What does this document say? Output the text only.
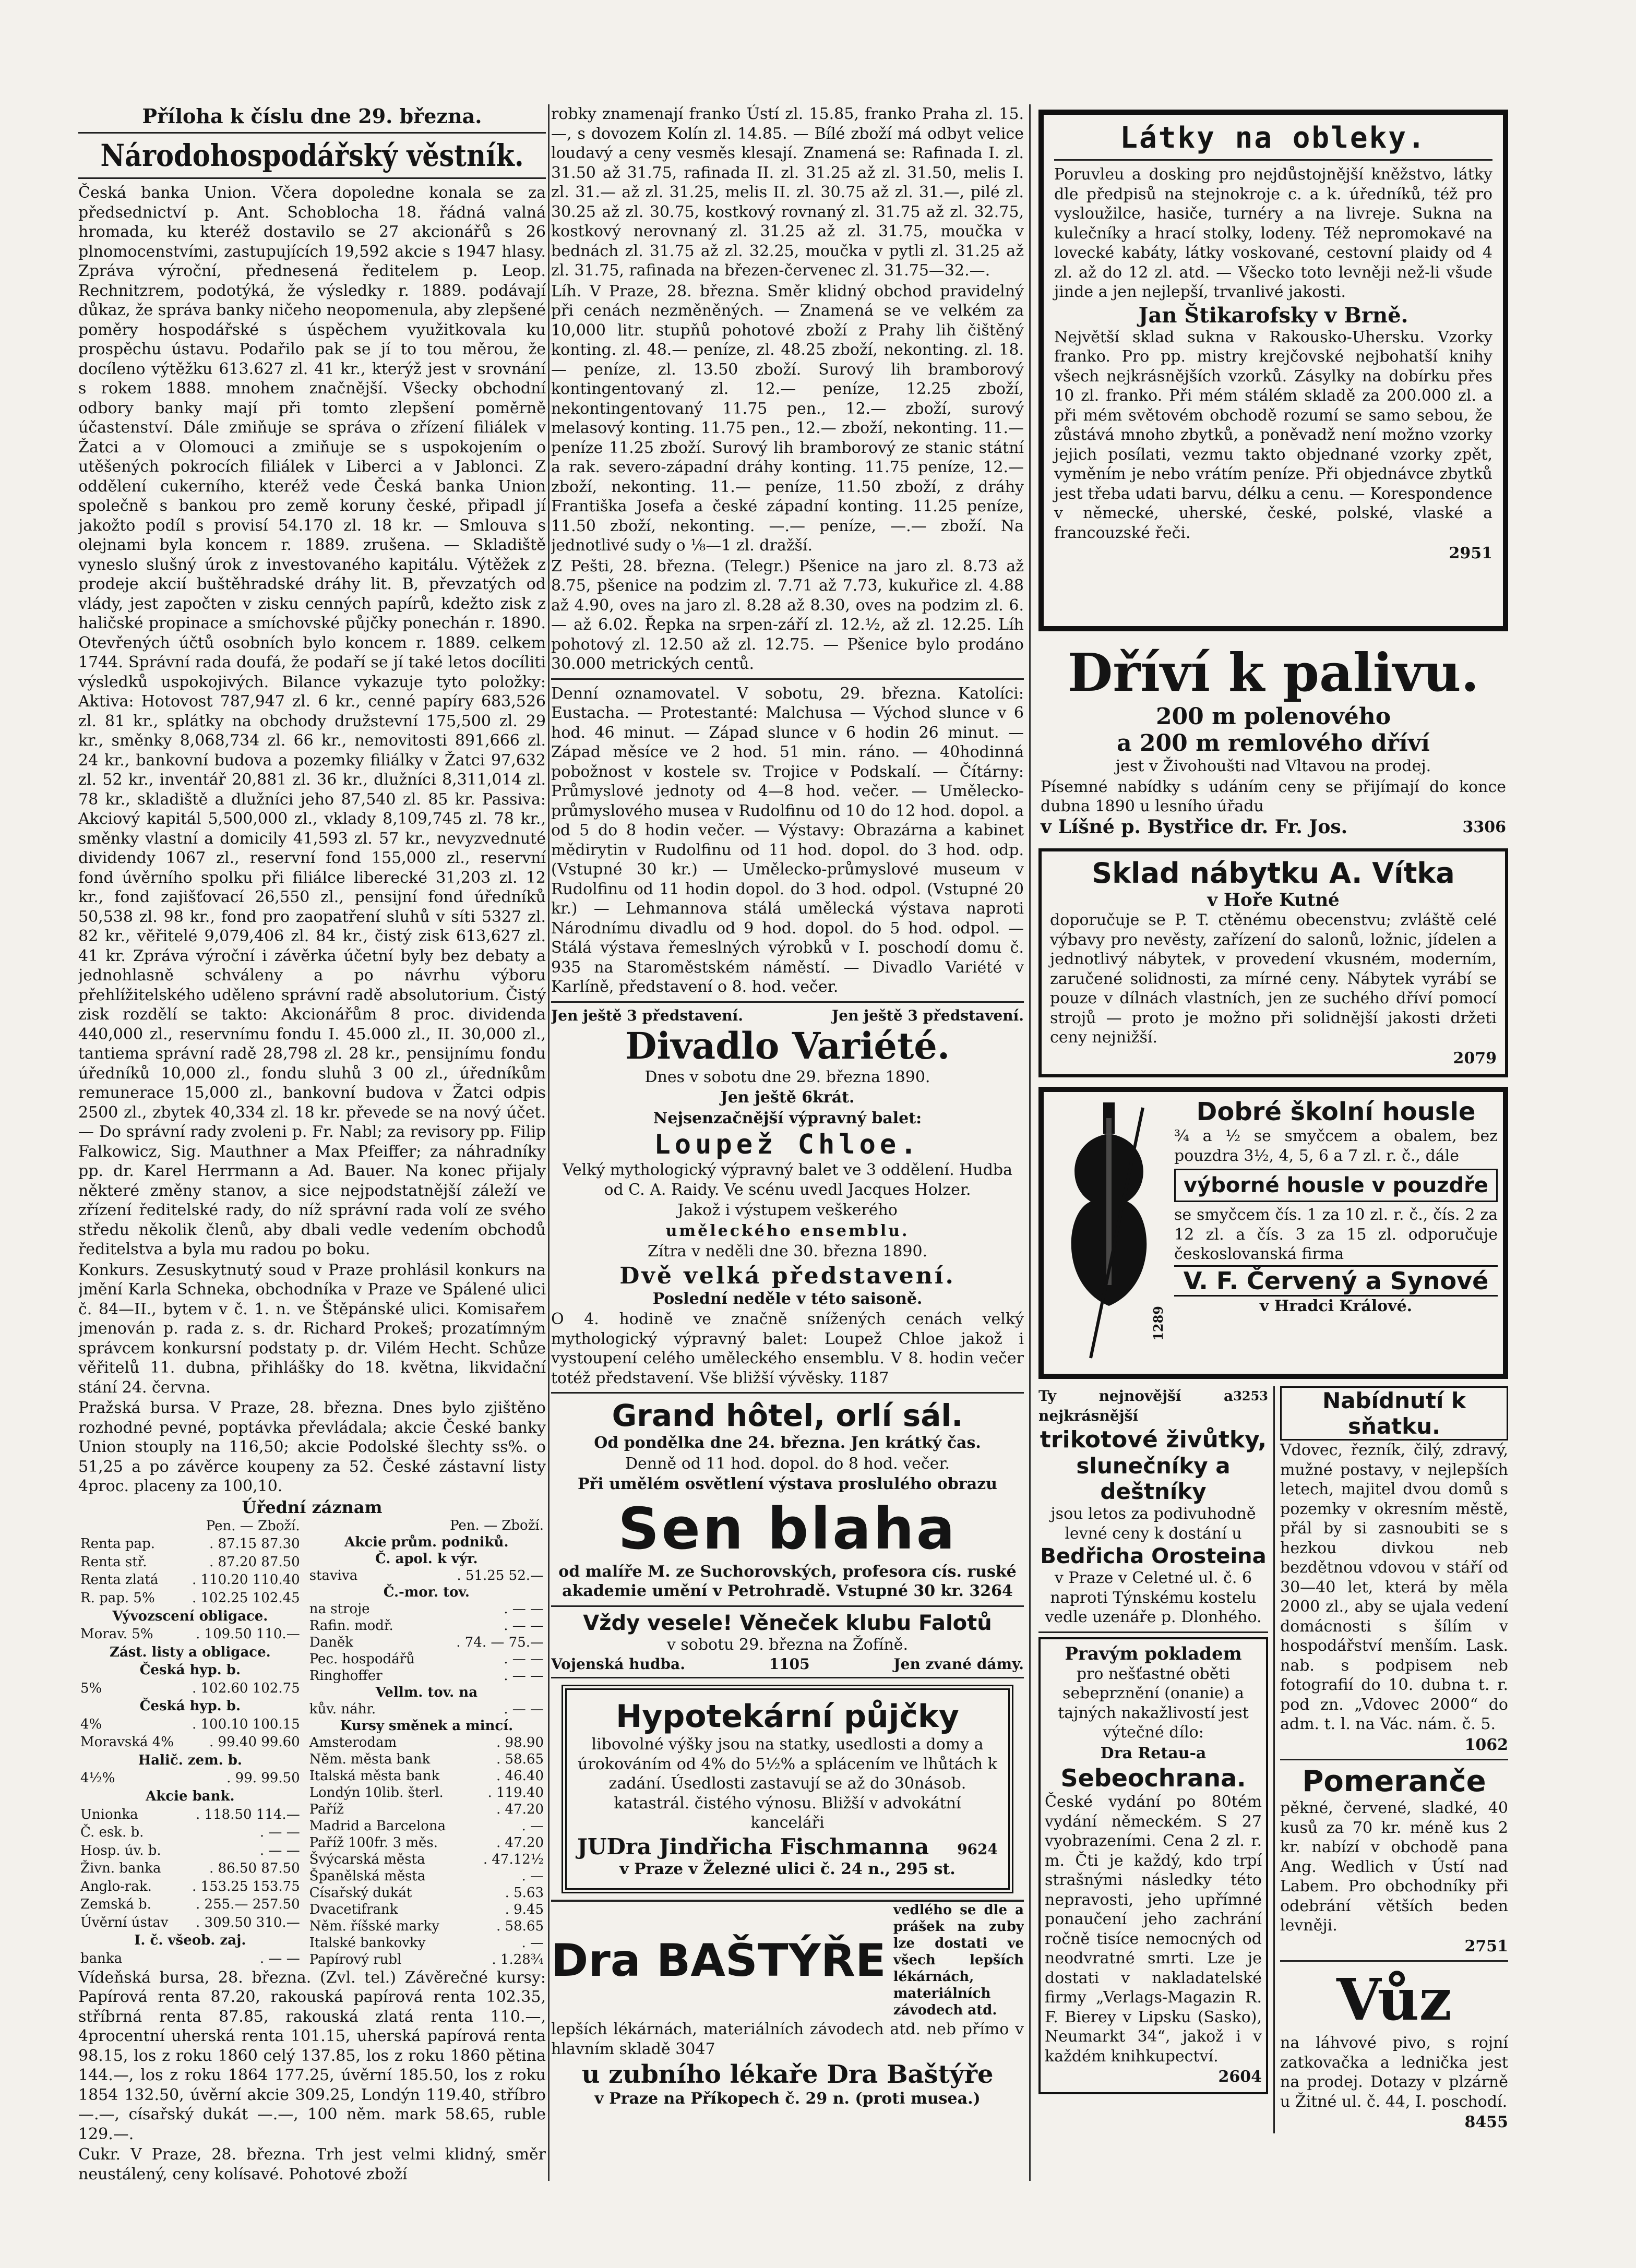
Příloha k číslu dne 29. března.
Národohospodářský věstník.

Česká banka Union. Včera dopoledne konala se za předsednictví p. Ant. Schoblocha 18. řádná valná hromada, ku kteréž dostavilo se 27 akcionářů s 26 plnomocenstvími, zastupujících 19,592 akcie s 1947 hlasy. Zpráva výroční, přednesená ředitelem p. Leop. Rechnitzrem, podotýká, že výsledky r. 1889. podávají důkaz, že správa banky ničeho neopomenula, aby zlepšené poměry hospodářské s úspěchem využitkovala ku prospěchu ústavu. Podařilo pak se jí to tou měrou, že docíleno výtěžku 613.627 zl. 41 kr., kterýž jest v srovnání s rokem 1888. mnohem značnější. Všecky obchodní odbory banky mají při tomto zlepšení poměrně účastenství. Dále zmiňuje se správa o zřízení filiálek v Žatci a v Olomouci a zmiňuje se s uspokojením o utěšených pokrocích filiálek v Liberci a v Jablonci. Z oddělení cukerního, kteréž vede Česká banka Union společně s bankou pro země koruny české, připadl jí jakožto podíl s provisí 54.170 zl. 18 kr. — Smlouva s olejnami byla koncem r. 1889. zrušena. — Skladiště vyneslo slušný úrok z investovaného kapitálu. Výtěžek z prodeje akcií buštěhradské dráhy lit. B, převzatých od vlády, jest započten v zisku cenných papírů, kdežto zisk z haličské propinace a smíchovské půjčky ponechán r. 1890. Otevřených účtů osobních bylo koncem r. 1889. celkem 1744. Správní rada doufá, že podaří se jí také letos docíliti výsledků uspokojivých. Bilance vykazuje tyto položky: Aktiva: Hotovost 787,947 zl. 6 kr., cenné papíry 683,526 zl. 81 kr., splátky na obchody družstevní 175,500 zl. 29 kr., směnky 8,068,734 zl. 66 kr., nemovitosti 891,666 zl. 24 kr., bankovní budova a pozemky filiálky v Žatci 97,632 zl. 52 kr., inventář 20,881 zl. 36 kr., dlužníci 8,311,014 zl. 78 kr., skladiště a dlužníci jeho 87,540 zl. 85 kr. Passiva: Akciový kapitál 5,500,000 zl., vklady 8,109,745 zl. 78 kr., směnky vlastní a domicily 41,593 zl. 57 kr., nevyzvednuté dividendy 1067 zl., reservní fond 155,000 zl., reservní fond úvěrního spolku při filiálce liberecké 31,203 zl. 12 kr., fond zajišťovací 26,550 zl., pensijní fond úředníků 50,538 zl. 98 kr., fond pro zaopatření sluhů v síti 5327 zl. 82 kr., věřitelé 9,079,406 zl. 84 kr., čistý zisk 613,627 zl. 41 kr. Zpráva výroční i závěrka účetní byly bez debaty a jednohlasně schváleny a po návrhu výboru přehlížitelského uděleno správní radě absolutorium. Čistý zisk rozdělí se takto: Akcionářům 8 proc. dividenda 440,000 zl., reservnímu fondu I. 45.000 zl., II. 30,000 zl., tantiema správní radě 28,798 zl. 28 kr., pensijnímu fondu úředníků 10,000 zl., fondu sluhů 3 00 zl., úředníkům remunerace 15,000 zl., bankovní budova v Žatci odpis 2500 zl., zbytek 40,334 zl. 18 kr. převede se na nový účet. — Do správní rady zvoleni p. Fr. Nabl; za revisory pp. Filip Falkowicz, Sig. Mauthner a Max Pfeiffer; za náhradníky pp. dr. Karel Herrmann a Ad. Bauer. Na konec přijaly některé změny stanov, a sice nejpodstatnější záleží ve zřízení ředitelské rady, do níž správní rada volí ze svého středu několik členů, aby dbali vedle vedením obchodů ředitelstva a byla mu radou po boku.

Konkurs. Zesuskytnutý soud v Praze prohlásil konkurs na jmění Karla Schneka, obchodníka v Praze ve Spálené ulici č. 84—II., bytem v č. 1. n. ve Štěpánské ulici. Komisařem jmenován p. rada z. s. dr. Richard Prokeš; prozatímným správcem konkursní podstaty p. dr. Vilém Hecht. Schůze věřitelů 11. dubna, přihlášky do 18. května, likvidační stání 24. června.

Pražská bursa. V Praze, 28. března. Dnes bylo zjištěno rozhodné pevné, poptávka převládala; akcie České banky Union stouply na 116,50; akcie Podolské šlechty ss%. o 51,25 a po závěrce koupeny za 52. České zástavní listy 4proc. placeny za 100,10.

Úřední záznam
	Pen. — Zboží.
Renta pap.	. 87.15 87.30
Renta stř.	. 87.20 87.50
Renta zlatá	. 110.20 110.40
R. pap. 5%	. 102.25 102.45
Vývozscení obligace.	
Morav. 5%	. 109.50 110.—
Zást. listy a obligace.	
Česká hyp. b.	
5%	. 102.60 102.75
Česká hyp. b.	
4%	. 100.10 100.15
Moravská 4%	. 99.40 99.60
Halič. zem. b.	
4½%	. 99. 99.50
Akcie bank.	
Unionka	. 118.50 114.—
Č. esk. b.	. — —
Hosp. úv. b.	. — —
Živn. banka	. 86.50 87.50
Anglo-rak.	. 153.25 153.75
Zemská b.	. 255.— 257.50
Úvěrní ústav	. 309.50 310.—
I. č. všeob. zaj.	
banka	. — —
	Pen. — Zboží.
Akcie prům. podniků.	
Č. apol. k výr.	
staviva	. 51.25 52.—
Č.-mor. tov.	
na stroje	. — —
Rafin. modř.	. — —
Daněk	. 74. — 75.—
Pec. hospodářů	. — —
Ringhoffer	. — —
Vellm. tov. na	
kův. náhr.	. — —
Kursy směnek a mincí.	
Amsterodam	. 98.90
Něm. města bank	. 58.65
Italská města bank	. 46.40
Londýn 10lib. šterl.	. 119.40
Paříž	. 47.20
Madrid a Barcelona	. —
Paříž 100fr. 3 měs.	. 47.20
Švýcarská města	. 47.12½
Španělská města	. —
Císařský dukát	. 5.63
Dvacetifrank	. 9.45
Něm. říšské marky	. 58.65
Italské bankovky	. —
Papírový rubl	. 1.28¾

Vídeňská bursa, 28. března. (Zvl. tel.) Závěrečné kursy: Papírová renta 87.20, rakouská papírová renta 102.35, stříbrná renta 87.85, rakouská zlatá renta 110.—, 4procentní uherská renta 101.15, uherská papírová renta 98.15, los z roku 1860 celý 137.85, los z roku 1860 pětina 144.—, los z roku 1864 177.25, úvěrní 185.50, los z roku 1854 132.50, úvěrní akcie 309.25, Londýn 119.40, stříbro —.—, císařský dukát —.—, 100 něm. mark 58.65, ruble 129.—.

Cukr. V Praze, 28. března. Trh jest velmi klidný, směr neustálený, ceny kolísavé. Pohotové zboží

robky znamenají franko Ústí zl. 15.85, franko Praha zl. 15.—, s dovozem Kolín zl. 14.85. — Bílé zboží má odbyt velice loudavý a ceny vesměs klesají. Znamená se: Rafinada I. zl. 31.50 až 31.75, rafinada II. zl. 31.25 až zl. 31.50, melis I. zl. 31.— až zl. 31.25, melis II. zl. 30.75 až zl. 31.—, pilé zl. 30.25 až zl. 30.75, kostkový rovnaný zl. 31.75 až zl. 32.75, kostkový nerovnaný zl. 31.25 až zl. 31.75, moučka v bednách zl. 31.75 až zl. 32.25, moučka v pytli zl. 31.25 až zl. 31.75, rafinada na březen-červenec zl. 31.75—32.—.

Líh. V Praze, 28. března. Směr klidný obchod pravidelný při cenách nezměněných. — Znamená se ve velkém za 10,000 litr. stupňů pohotové zboží z Prahy lih čištěný konting. zl. 48.— peníze, zl. 48.25 zboží, nekonting. zl. 18.— peníze, zl. 13.50 zboží. Surový lih bramborový kontingentovaný zl. 12.— peníze, 12.25 zboží, nekontingentovaný 11.75 pen., 12.— zboží, surový melasový konting. 11.75 pen., 12.— zboží, nekonting. 11.— peníze 11.25 zboží. Surový lih bramborový ze stanic státní a rak. severo-západní dráhy konting. 11.75 peníze, 12.— zboží, nekonting. 11.— peníze, 11.50 zboží, z dráhy Františka Josefa a české západní konting. 11.25 peníze, 11.50 zboží, nekonting. —.— peníze, —.— zboží. Na jednotlivé sudy o ⅛—1 zl. dražší.

Z Pešti, 28. března. (Telegr.) Pšenice na jaro zl. 8.73 až 8.75, pšenice na podzim zl. 7.71 až 7.73, kukuřice zl. 4.88 až 4.90, oves na jaro zl. 8.28 až 8.30, oves na podzim zl. 6.— až 6.02. Řepka na srpen-září zl. 12.½, až zl. 12.25. Líh pohotový zl. 12.50 až zl. 12.75. — Pšenice bylo prodáno 30.000 metrických centů.

Denní oznamovatel. V sobotu, 29. března. Katolíci: Eustacha. — Protestanté: Malchusa — Východ slunce v 6 hod. 46 minut. — Západ slunce v 6 hodin 26 minut. — Západ měsíce ve 2 hod. 51 min. ráno. — 40hodinná pobožnost v kostele sv. Trojice v Podskalí. — Čítárny: Průmyslové jednoty od 4—8 hod. večer. — Umělecko-průmyslového musea v Rudolfinu od 10 do 12 hod. dopol. a od 5 do 8 hodin večer. — Výstavy: Obrazárna a kabinet mědirytin v Rudolfinu od 11 hod. dopol. do 3 hod. odp. (Vstupné 30 kr.) — Umělecko-průmyslové museum v Rudolfinu od 11 hodin dopol. do 3 hod. odpol. (Vstupné 20 kr.) — Lehmannova stálá umělecká výstava naproti Národnímu divadlu od 9 hod. dopol. do 5 hod. odpol. — Stálá výstava řemeslných výrobků v I. poschodí domu č. 935 na Staroměstském náměstí. — Divadlo Variété v Karlíně, představení o 8. hod. večer.

Jen ještě 3 představení.	Jen ještě 3 představení.
Divadlo Variété.
Dnes v sobotu dne 29. března 1890.
Jen ještě 6krát.
Nejsenzačnější výpravný balet:
Loupež Chloe.
Velký mythologický výpravný balet ve 3 oddělení. Hudba od C. A. Raidy. Ve scénu uvedl Jacques Holzer.
Jakož i výstupem veškerého
uměleckého ensemblu.
Zítra v neděli dne 30. března 1890.
Dvě velká představení.
Poslední neděle v této saisoně.
O 4. hodině ve značně snížených cenách velký mythologický výpravný balet: Loupež Chloe jakož i vystoupení celého uměleckého ensemblu. V 8. hodin večer totéž představení. Vše bližší vývěsky. 1187
Grand hôtel, orlí sál.
Od pondělka dne 24. března. Jen krátký čas.
Denně od 11 hod. dopol. do 8 hod. večer.
Při umělém osvětlení výstava proslulého obrazu
Sen blaha
od malíře M. ze Suchorovských, profesora cís. ruské akademie umění v Petrohradě. Vstupné 30 kr. 3264
Vždy vesele! Věneček klubu Falotů
v sobotu 29. března na Žofíně.
Vojenská hudba.	1105	Jen zvané dámy.
Hypotekární půjčky
libovolné výšky jsou na statky, usedlosti a domy a úrokováním od 4% do 5½% a splácením ve lhůtách k zadání. Úsedlosti zastavují se až do 30násob. katastrál. čistého výnosu. Bližší v advokátní kanceláři
JUDra Jindřicha Fischmanna 9624
v Praze v Železné ulici č. 24 n., 295 st.
Dra BAŠTÝŘE
vedlého se dle a prášek na zuby lze dostati ve všech lepších lékárnách, materiálních závodech atd.
lepších lékárnách, materiálních závodech atd. neb přímo v hlavním skladě 3047
u zubního lékaře Dra Baštýře
v Praze na Příkopech č. 29 n. (proti musea.)
Látky na obleky.

Poruvleu a dosking pro nejdůstojnější kněžstvo, látky dle předpisů na stejnokroje c. a k. úředníků, též pro vysloužilce, hasiče, turnéry a na livreje. Sukna na kulečníky a hrací stolky, lodeny. Též nepromokavé na lovecké kabáty, látky voskované, cestovní plaidy od 4 zl. až do 12 zl. atd. — Všecko toto levněji než-li všude jinde a jen nejlepší, trvanlivé jakosti.

Jan Štikarofsky v Brně.

Největší sklad sukna v Rakousko-Uhersku. Vzorky franko. Pro pp. mistry krejčovské nejbohatší knihy všech nejkrásnějších vzorků. Zásylky na dobírku přes 10 zl. franko. Při mém stálém skladě za 200.000 zl. a při mém světovém obchodě rozumí se samo sebou, že zůstává mnoho zbytků, a poněvadž není možno vzorky jejich posílati, vezmu takto objednané vzorky zpět, vyměním je nebo vrátím peníze. Při objednávce zbytků jest třeba udati barvu, délku a cenu. — Korespondence v německé, uherské, české, polské, vlaské a francouzské řeči.

2951
Dříví k palivu.
200 m polenového
a 200 m remlového dříví
jest v Živohoušti nad Vltavou na prodej.
Písemné nabídky s udáním ceny se přijímají do konce dubna 1890 u lesního úřadu
v Líšné p. Bystřice dr. Fr. Jos.	3306
Sklad nábytku A. Vítka
v Hoře Kutné

doporučuje se P. T. ctěnému obecenstvu; zvláště celé výbavy pro nevěsty, zařízení do salonů, ložnic, jídelen a jednotlivý nábytek, v provedení vkusném, moderním, zaručené solidnosti, za mírné ceny. Nábytek vyrábí se pouze v dílnách vlastních, jen ze suchého dříví pomocí strojů — proto je možno při solidnější jakosti držeti ceny nejnižší.

2079
1289
Dobré školní housle
¾ a ½ se smyčcem a obalem, bez pouzdra 3½, 4, 5, 6 a 7 zl. r. č., dále
výborné housle v pouzdře
se smyčcem čís. 1 za 10 zl. r. č., čís. 2 za 12 zl. a čís. 3 za 15 zl. odporučuje českoslovanská firma
V. F. Červený a Synové
v Hradci Králové.
Ty nejnovější a nejkrásnější
3253
trikotové živůtky,
slunečníky a deštníky
jsou letos za podivuhodně levné ceny k dostání u
Bedřicha Orosteina
v Praze v Celetné ul. č. 6 naproti Týnskému kostelu vedle uzenáře p. Dlonhého.
Pravým pokladem
pro nešťastné oběti sebeprznění (onanie) a tajných nakažlivostí jest výtečné dílo:
Dra Retau-a
Sebeochrana.

České vydání po 80tém vydání německém. S 27 vyobrazeními. Cena 2 zl. r. m. Čti je každý, kdo trpí strašnými následky této nepravosti, jeho upřímné ponaučení jeho zachrání ročně tisíce nemocných od neodvratné smrti. Lze je dostati v nakladatelské firmy „Verlags-Magazin R. F. Bierey v Lipsku (Sasko), Neumarkt 34“, jakož i v každém knihkupectví.

2604
Nabídnutí k sňatku.

Vdovec, řezník, čilý, zdravý, mužné postavy, v nejlepších letech, majitel dvou domů s pozemky v okresním městě, přál by si zasnoubiti se s hezkou divkou neb bezdětnou vdovou v stáří od 30—40 let, která by měla 2000 zl., aby se ujala vedení domácnosti s šílím v hospodářství menším. Lask. nab. s podpisem neb fotografií do 10. dubna t. r. pod zn. „Vdovec 2000“ do adm. t. l. na Vác. nám. č. 5.

1062
Pomeranče

pěkné, červené, sladké, 40 kusů za 70 kr. méně kus 2 kr. nabízí v obchodě pana Ang. Wedlich v Ústí nad Labem. Pro obchodníky při odebrání větších beden levněji.

2751
Vůz

na láhvové pivo, s rojní zatkovačka a lednička jest na prodej. Dotazy v plzárně u Žitné ul. č. 44, I. poschodí.

8455
